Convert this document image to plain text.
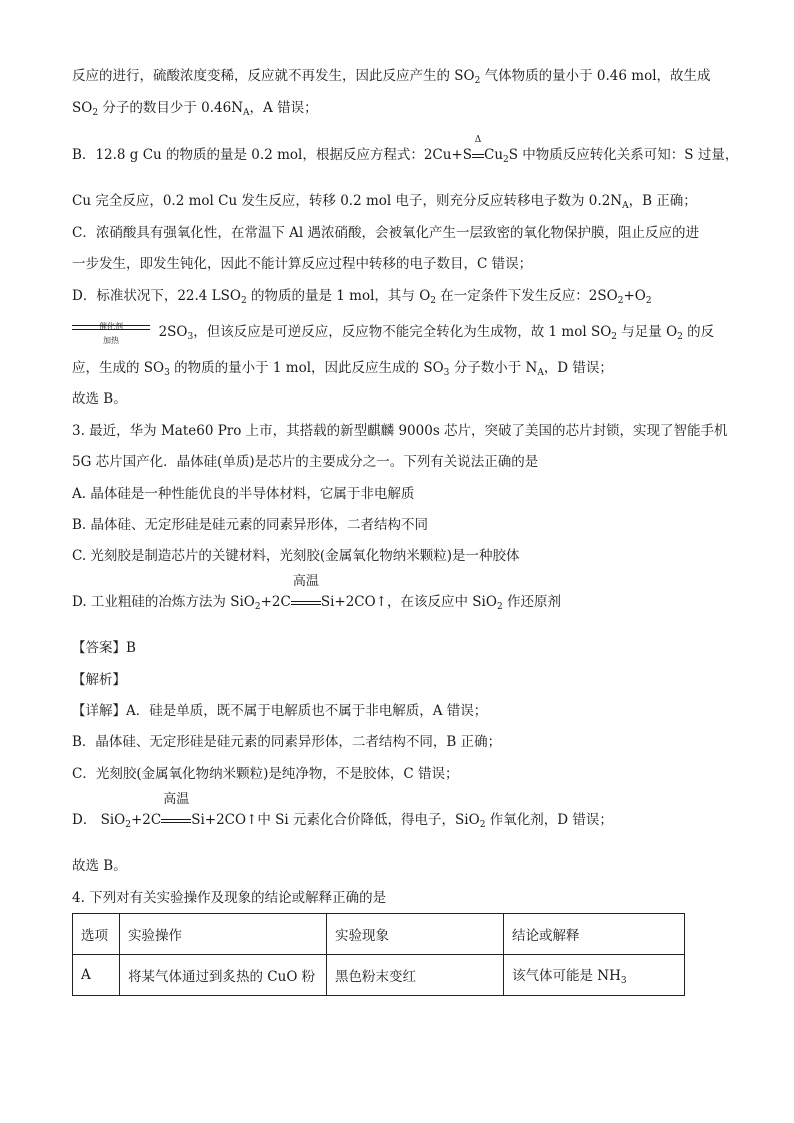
反应的进行，硫酸浓度变稀，反应就不再发生，因此反应产生的 $SO_2$ 气体物质的量小于 0.46 mol，故生成
$SO_2$ 分子的数目少于 $0.46N_A$，A 错误；
B．12.8 g Cu 的物质的量是 0.2 mol，根据反应方程式：2Cu+S
Δ
$Cu_2S$ 中物质反应转化关系可知：S 过量，
Cu 完全反应，0.2 mol Cu 发生反应，转移 0.2 mol 电子，则充分反应转移电子数为 $0.2N_A$，B 正确；
C．浓硝酸具有强氧化性，在常温下 Al 遇浓硝酸，会被氧化产生一层致密的氧化物保护膜，阻止反应的进
一步发生，即发生钝化，因此不能计算反应过程中转移的电子数目，C 错误；
D．标准状况下，22.4 $LSO_2$ 的物质的量是 1 mol，其与 $O_2$ 在一定条件下发生反应：$2SO_2+O_2$
催化剂
加热	$2SO_3$，但该反应是可逆反应，反应物不能完全转化为生成物，故 1 mol $SO_2$ 与足量 $O_2$ 的反
应，生成的 $SO_3$ 的物质的量小于 1 mol，因此反应生成的 $SO_3$ 分子数小于 $N_A$，D 错误；
故选 B。
3. 最近，华为 Mate60 Pro 上市，其搭载的新型麒麟 9000s 芯片，突破了美国的芯片封锁，实现了智能手机
5G 芯片国产化．晶体硅(单质)是芯片的主要成分之一。下列有关说法正确的是
A. 晶体硅是一种性能优良的半导体材料，它属于非电解质
B. 晶体硅、无定形硅是硅元素的同素异形体，二者结构不同
C. 光刻胶是制造芯片的关键材料，光刻胶(金属氧化物纳米颗粒)是一种胶体
D. 工业粗硅的冶炼方法为 SiO$_2$+2C
高温
Si+2CO↑，在该反应中 SiO$_2$ 作还原剂
【答案】B
【解析】
【详解】A．硅是单质，既不属于电解质也不属于非电解质，A 错误；
B．晶体硅、无定形硅是硅元素的同素异形体，二者结构不同，B 正确；
C．光刻胶(金属氧化物纳米颗粒)是纯净物，不是胶体，C 错误；
D． SiO$_2$+2C
高温
Si+2CO↑中 Si 元素化合价降低，得电子，SiO$_2$ 作氧化剂，D 错误；
故选 B。
4. 下列对有关实验操作及现象的结论或解释正确的是
选项	实验操作	实验现象	结论或解释
A	将某气体通过到炙热的 CuO 粉	黑色粉末变红	该气体可能是 $NH_3$
